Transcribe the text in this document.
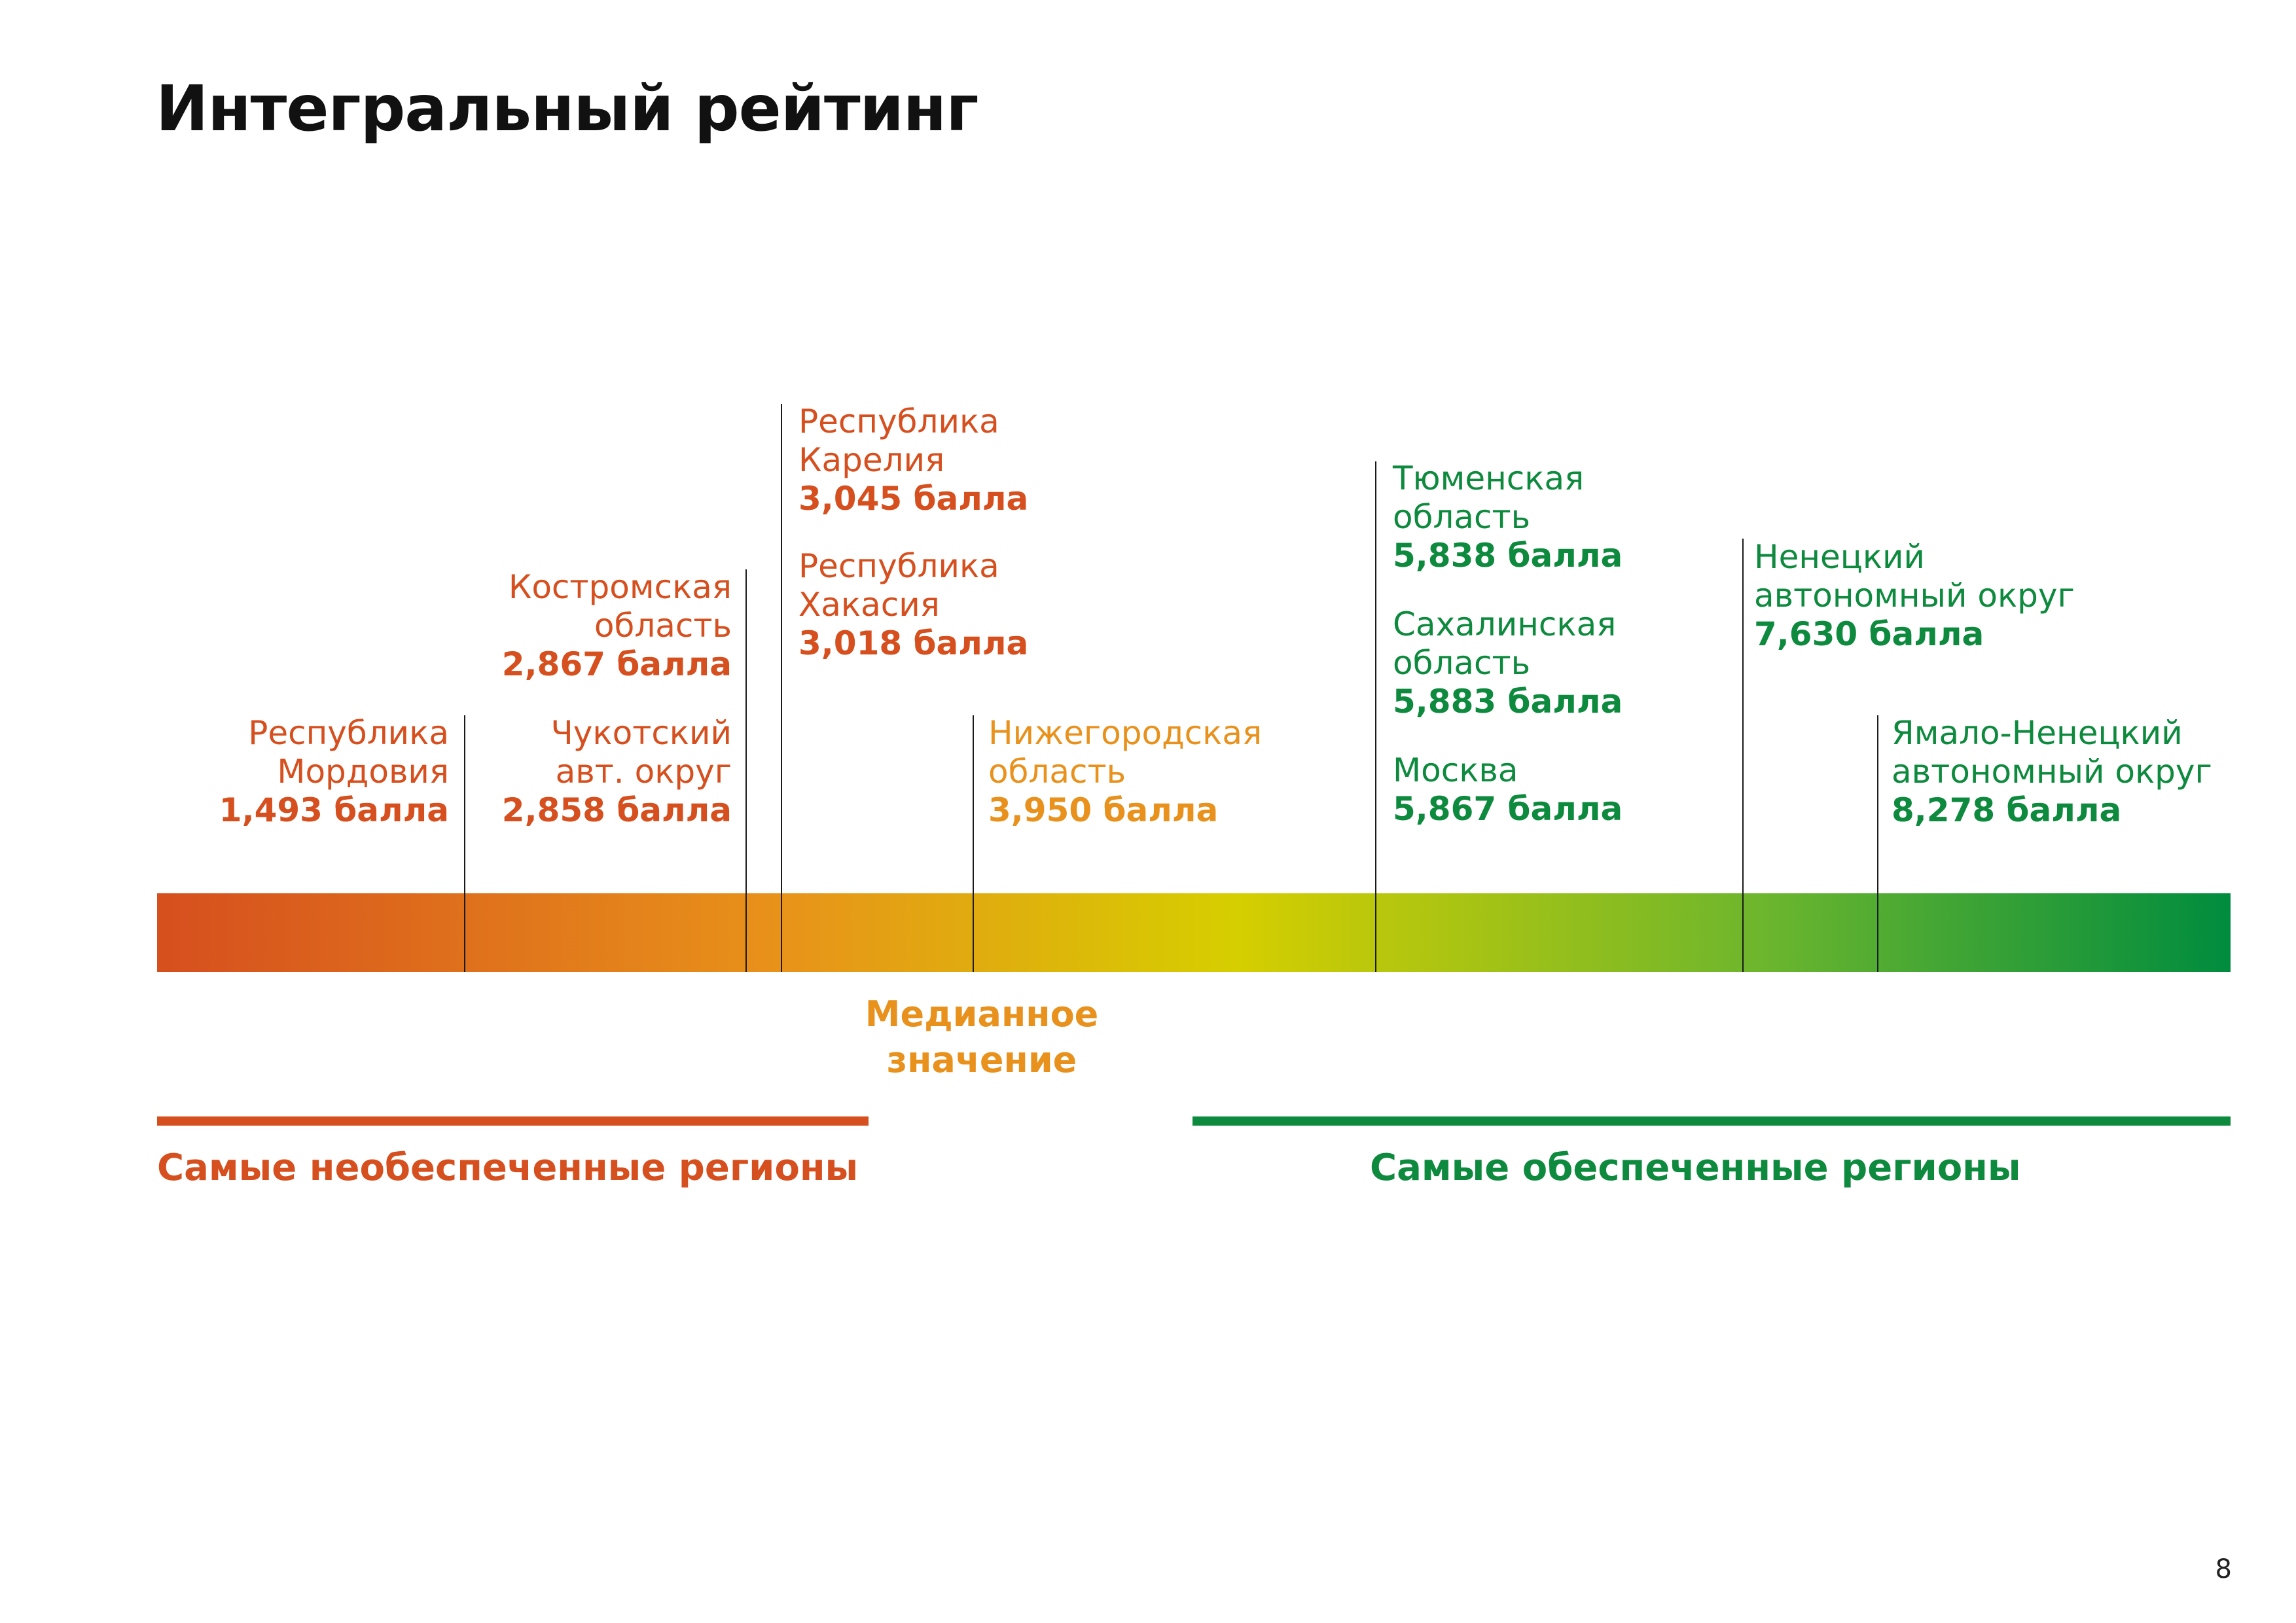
Интегральный рейтинг
Республика
Мордовия
1,493 балла
Костромская
область
2,867 балла
Чукотский
авт. округ
2,858 балла
Республика
Карелия
3,045 балла
Республика
Хакасия
3,018 балла
Нижегородская
область
3,950 балла
Тюменская
область
5,838 балла
Сахалинская
область
5,883 балла
Москва
5,867 балла
Ненецкий
автономный округ
7,630 балла
Ямало-Ненецкий
автономный округ
8,278 балла
Медианное
значение
Самые необеспеченные регионы	Самые обеспеченные регионы
8
